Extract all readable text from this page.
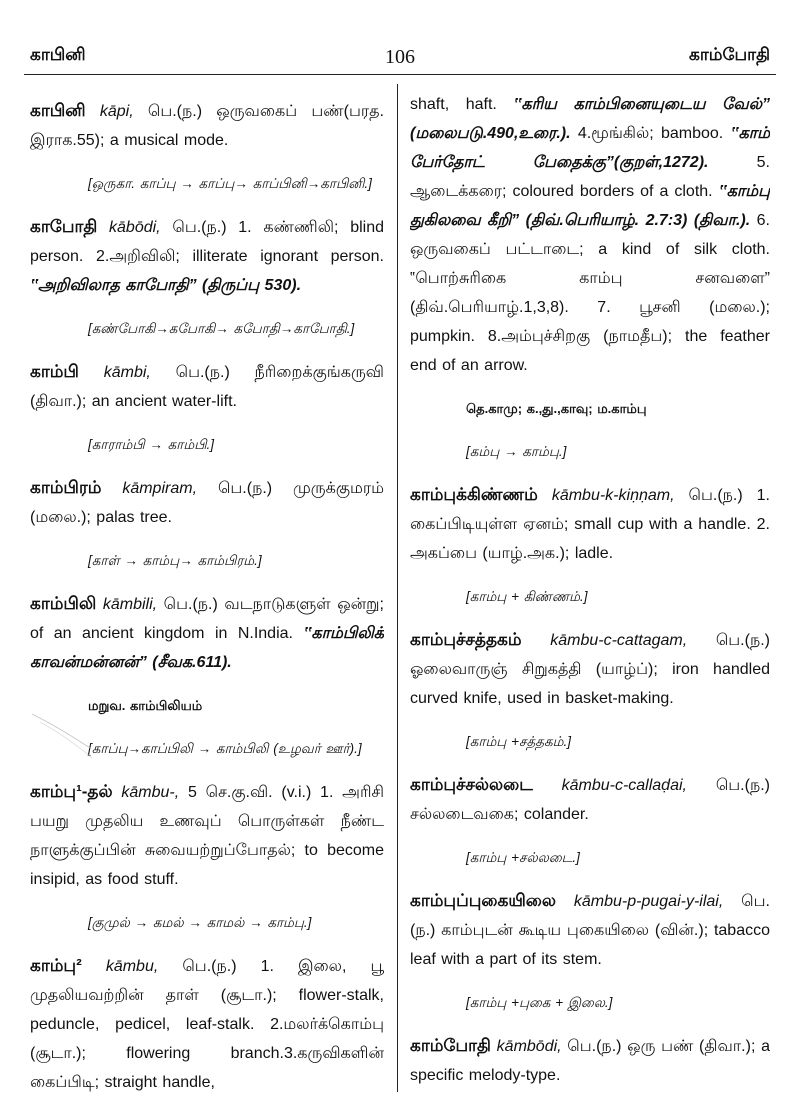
காபினி	106	காம்போதி

காபினி kāpi, பெ.(ந.) ஒருவகைப் பண்(பரத. இராக.55); a musical mode.

[ஒருகா. காப்பு → காப்பு→ காப்பினி→காபினி.]

காபோதி kābōdi, பெ.(ந.) 1. கண்ணிலி; blind person. 2.அறிவிலி; illiterate ignorant person. ‟அறிவிலாத காபோதி” (திருப்பு 530).

[கண்போகி→கபோகி→ கபோதி→காபோதி.]

காம்பி kāmbi, பெ.(ந.) நீரிறைக்குங்கருவி (திவா.); an ancient water-lift.

[காராம்பி → காம்பி.]

காம்பிரம் kāmpiram, பெ.(ந.) முருக்குமரம் (மலை.); palas tree.

[காள் → காம்பு→ காம்பிரம்.]

காம்பிலி kāmbili, பெ.(ந.) வடநாடுகளுள் ஒன்று; of an ancient kingdom in N.India. ‟காம்பிலிக் காவன்மன்னன்” (சீவக.611).

மறுவ. காம்பிலியம்

[காப்பு→காப்பிலி → காம்பிலி (உழவர் ஊர்).]

காம்பு¹-தல் kāmbu-, 5 செ.கு.வி. (v.i.) 1. அரிசி பயறு முதலிய உணவுப் பொருள்கள் நீண்ட நாளுக்குப்பின் சுவையற்றுப்போதல்; to become insipid, as food stuff.

[குமுல் → கமல் → காமல் → காம்பு.]

காம்பு² kāmbu, பெ.(ந.) 1. இலை, பூ முதலியவற்றின் தாள் (சூடா.); flower-stalk, peduncle, pedicel, leaf-stalk. 2.மலர்க்கொம்பு (சூடா.); flowering branch.3.கருவிகளின் கைப்பிடி; straight handle,

shaft, haft. ‟கரிய காம்பினையுடைய வேல்” (மலைபடு.490,உரை.). 4.மூங்கில்; bamboo. ‟காம் பேர்தோட் பேதைக்கு”(குறள்,1272).	5. ஆடைக்கரை; coloured borders of a cloth. ‟காம்பு துகிலவை கீறி” (திவ்.பெரியாழ். 2.7:3) (திவா.). 6. ஒருவகைப் பட்டாடை; a kind of silk cloth. ‟பொற்சுரிகை காம்பு சனவளை” (திவ்.பெரியாழ்.1,3,8). 7. பூசனி (மலை.); pumpkin. 8.அம்புச்சிறகு (நாமதீப); the feather end of an arrow.

தெ.காமு; க.,து.,காவு; ம.காம்பு

[கம்பு → காம்பு.]

காம்புக்கிண்ணம் kāmbu-k-kiṇṇam, பெ.(ந.) 1. கைப்பிடியுள்ள ஏனம்; small cup with a handle. 2. அகப்பை (யாழ்.அக.); ladle.

[காம்பு + கிண்ணம்.]

காம்புச்சத்தகம் kāmbu-c-cattagam, பெ.(ந.) ஓலைவாருஞ் சிறுகத்தி (யாழ்ப்); iron handled curved knife, used in basket-making.

[காம்பு +சத்தகம்.]

காம்புச்சல்லடை kāmbu-c-callaḍai, பெ.(ந.) சல்லடைவகை; colander.

[காம்பு +சல்லடை.]

காம்புப்புகையிலை kāmbu-p-pugai-y-ilai, பெ.(ந.) காம்புடன் கூடிய புகையிலை (வின்.); tabacco leaf with a part of its stem.

[காம்பு +புகை + இலை.]

காம்போதி kāmbōdi, பெ.(ந.) ஒரு பண் (திவா.); a specific melody-type.
